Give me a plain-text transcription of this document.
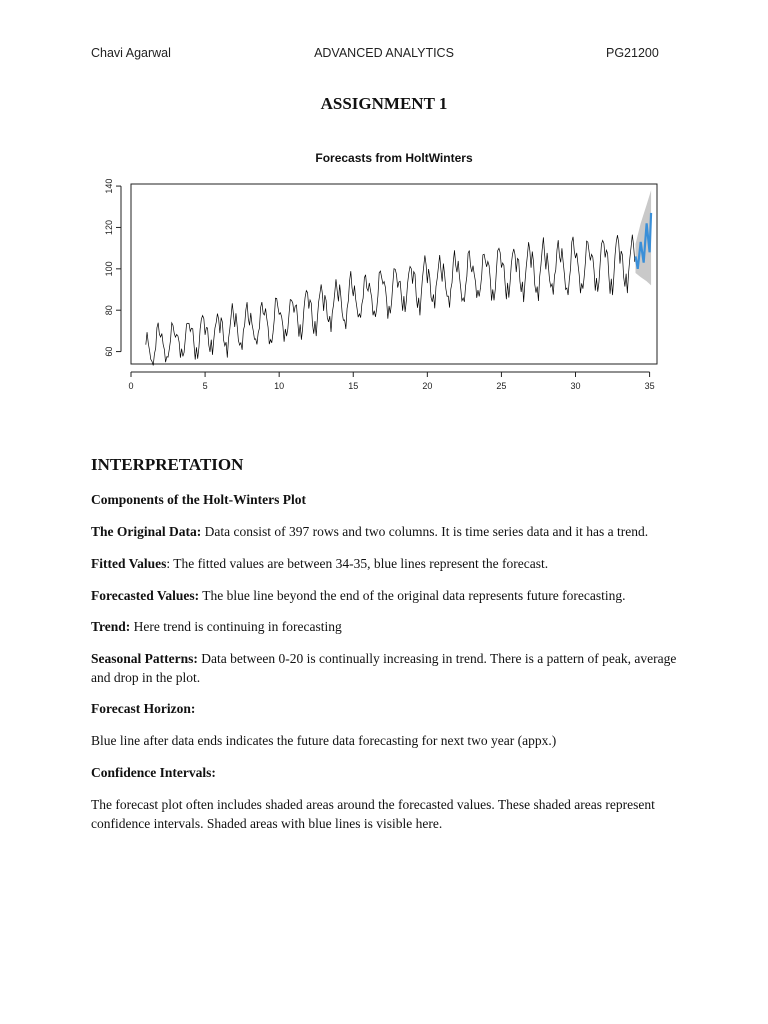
Chavi Agarwal	ADVANCED ANALYTICS	PG21200
ASSIGNMENT 1
Forecasts from HoltWinters
60
80
100
120
140
0	5	10	15	20	25	30	35
INTERPRETATION
Components of the Holt-Winters Plot
The Original Data: Data consist of 397 rows and two columns. It is time series data and it has a trend.
Fitted Values: The fitted values are between 34-35, blue lines represent the forecast.
Forecasted Values: The blue line beyond the end of the original data represents future forecasting.
Trend: Here trend is continuing in forecasting
Seasonal Patterns: Data between 0-20 is continually increasing in trend. There is a pattern of peak, average and drop in the plot.
Forecast Horizon:
Blue line after data ends indicates the future data forecasting for next two year (appx.)
Confidence Intervals:
The forecast plot often includes shaded areas around the forecasted values. These shaded areas represent confidence intervals. Shaded areas with blue lines is visible here.
